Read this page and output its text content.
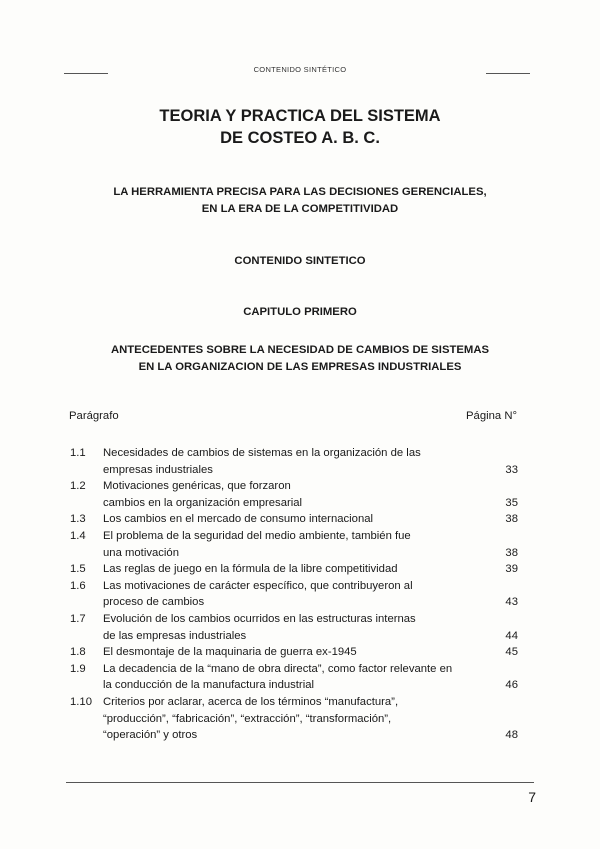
CONTENIDO SINTÉTICO
TEORIA Y PRACTICA DEL SISTEMA
DE COSTEO A. B. C.
LA HERRAMIENTA PRECISA PARA LAS DECISIONES GERENCIALES,
EN LA ERA DE LA COMPETITIVIDAD
CONTENIDO SINTETICO
CAPITULO PRIMERO
ANTECEDENTES SOBRE LA NECESIDAD DE CAMBIOS DE SISTEMAS
EN LA ORGANIZACION DE LAS EMPRESAS INDUSTRIALES
Parágrafo	Página N°
1.1 Necesidades de cambios de sistemas en la organización de las
empresas industriales	33
1.2 Motivaciones genéricas, que forzaron
cambios en la organización empresarial	35
1.3 Los cambios en el mercado de consumo internacional	38
1.4 El problema de la seguridad del medio ambiente, también fue
una motivación	38
1.5 Las reglas de juego en la fórmula de la libre competitividad	39
1.6 Las motivaciones de carácter específico, que contribuyeron al
proceso de cambios	43
1.7 Evolución de los cambios ocurridos en las estructuras internas
de las empresas industriales	44
1.8 El desmontaje de la maquinaria de guerra ex-1945	45
1.9 La decadencia de la “mano de obra directa”, como factor relevante en
la conducción de la manufactura industrial	46
1.10 Criterios por aclarar, acerca de los términos “manufactura”,
“producción”, “fabricación”, “extracción”, “transformación”,
“operación” y otros	48
7
